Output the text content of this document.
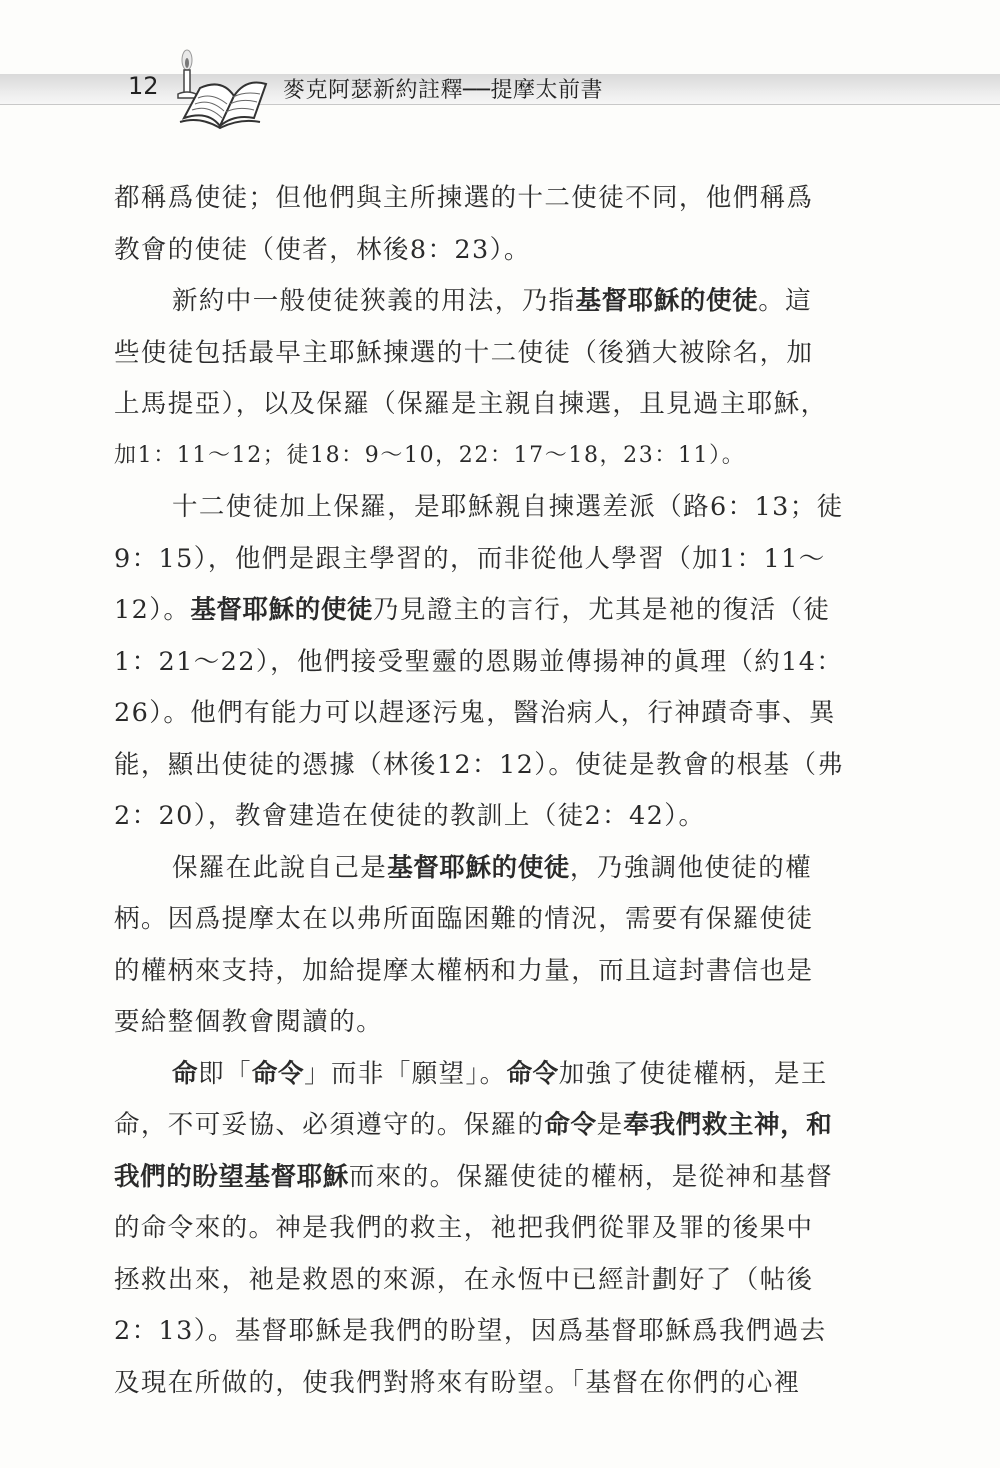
12	麥克阿瑟新約註釋──提摩太前書
都稱爲使徒；但他們與主所揀選的十二使徒不同，他們稱爲
教會的使徒（使者，林後8：23）。
新約中一般使徒狹義的用法，乃指基督耶穌的使徒。這
些使徒包括最早主耶穌揀選的十二使徒（後猶大被除名，加
上馬提亞），以及保羅（保羅是主親自揀選，且見過主耶穌，
加1：11～12；徒18：9～10，22：17～18，23：11）。
十二使徒加上保羅，是耶穌親自揀選差派（路6：13；徒
9：15），他們是跟主學習的，而非從他人學習（加1：11～
12）。基督耶穌的使徒乃見證主的言行，尤其是祂的復活（徒
1：21～22），他們接受聖靈的恩賜並傳揚神的眞理（約14：
26）。他們有能力可以趕逐污鬼，醫治病人，行神蹟奇事、異
能，顯出使徒的憑據（林後12：12）。使徒是教會的根基（弗
2：20），教會建造在使徒的教訓上（徒2：42）。
保羅在此說自己是基督耶穌的使徒，乃強調他使徒的權
柄。因爲提摩太在以弗所面臨困難的情況，需要有保羅使徒
的權柄來支持，加給提摩太權柄和力量，而且這封書信也是
要給整個教會閱讀的。
命即「命令」而非「願望」。命令加強了使徒權柄，是王
命，不可妥協、必須遵守的。保羅的命令是奉我們救主神，和
我們的盼望基督耶穌而來的。保羅使徒的權柄，是從神和基督
的命令來的。神是我們的救主，祂把我們從罪及罪的後果中
拯救出來，祂是救恩的來源，在永恆中已經計劃好了（帖後
2：13）。基督耶穌是我們的盼望，因爲基督耶穌爲我們過去
及現在所做的，使我們對將來有盼望。「基督在你們的心裡
